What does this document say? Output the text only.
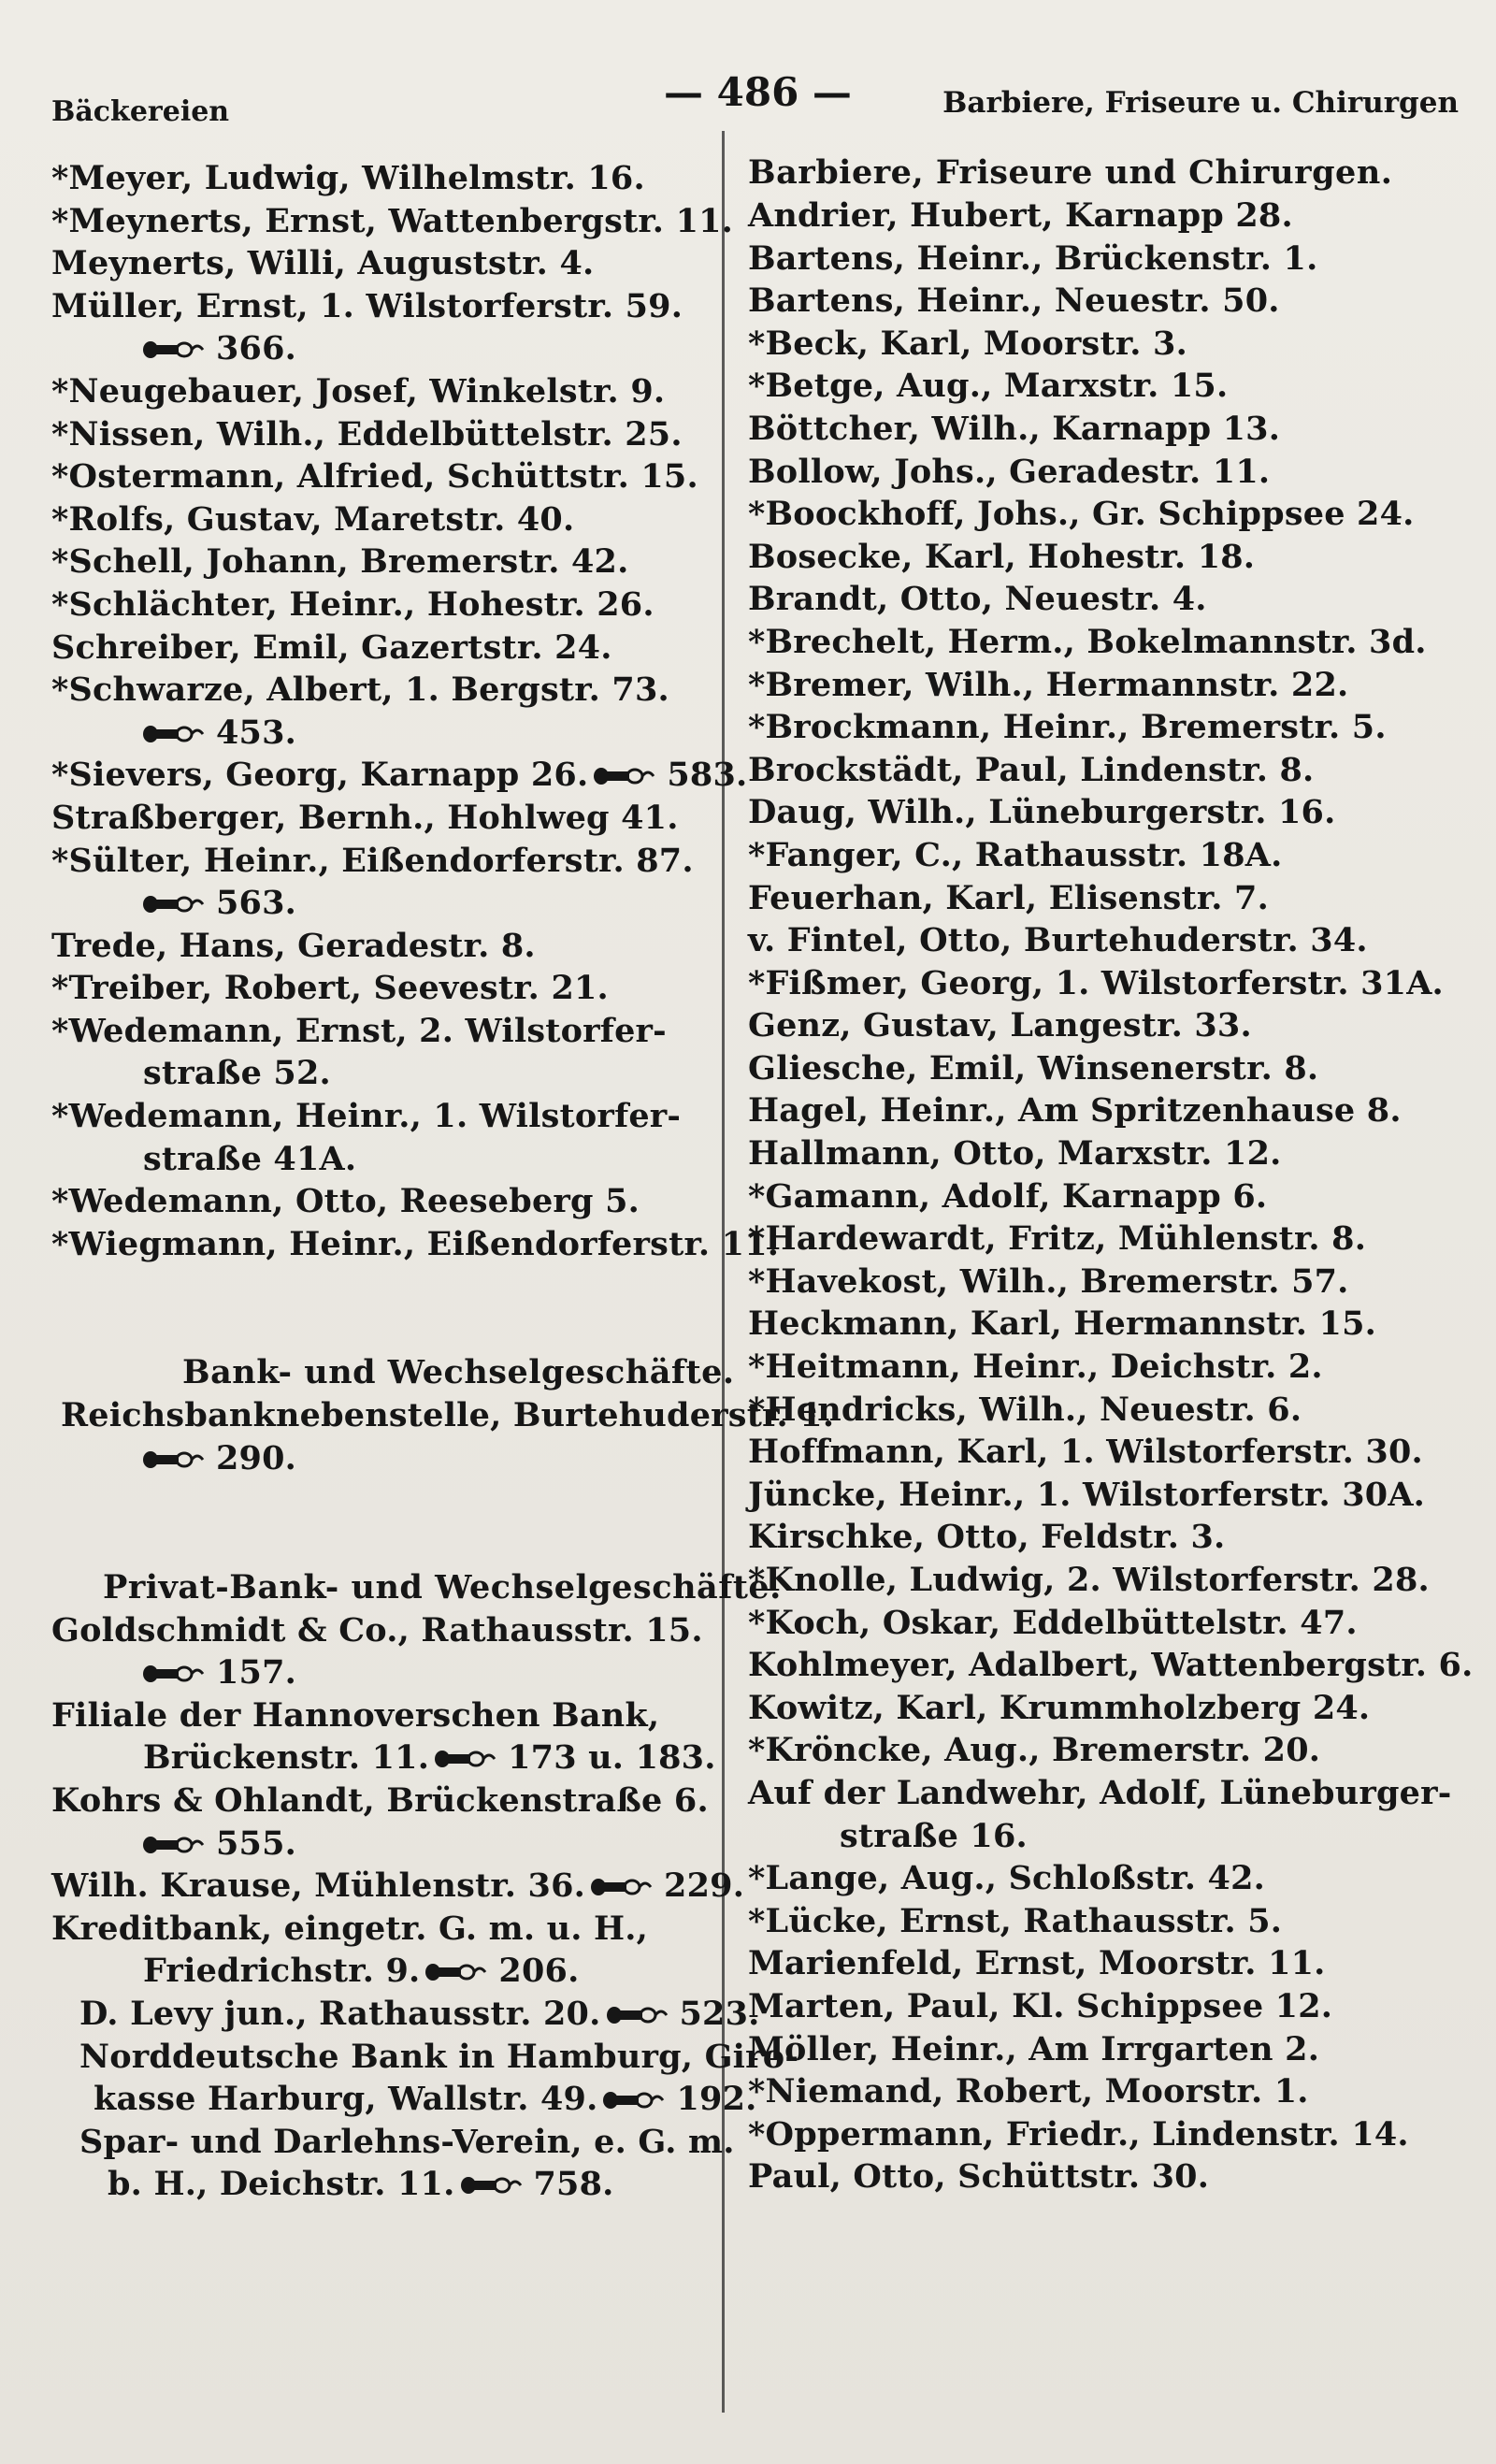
Bäckereien	— 486 —	Barbiere, Friseure u. Chirurgen
*Meyer, Ludwig, Wilhelmstr. 16.
*Meynerts, Ernst, Wattenbergstr. 11.
Meynerts, Willi, Auguststr. 4.
Müller, Ernst, 1. Wilstorferstr. 59.
366.
*Neugebauer, Josef, Winkelstr. 9.
*Nissen, Wilh., Eddelbüttelstr. 25.
*Ostermann, Alfried, Schüttstr. 15.
*Rolfs, Gustav, Maretstr. 40.
*Schell, Johann, Bremerstr. 42.
*Schlächter, Heinr., Hohestr. 26.
Schreiber, Emil, Gazertstr. 24.
*Schwarze, Albert, 1. Bergstr. 73.
453.
*Sievers, Georg, Karnapp 26. 583.
Straßberger, Bernh., Hohlweg 41.
*Sülter, Heinr., Eißendorferstr. 87.
563.
Trede, Hans, Geradestr. 8.
*Treiber, Robert, Seevestr. 21.
*Wedemann, Ernst, 2. Wilstorfer-
straße 52.
*Wedemann, Heinr., 1. Wilstorfer-
straße 41A.
*Wedemann, Otto, Reeseberg 5.
*Wiegmann, Heinr., Eißendorferstr. 11.
Bank- und Wechselgeschäfte.
Reichsbanknebenstelle, Burtehuderstr. 1.
290.
Privat-Bank- und Wechselgeschäfte.
Goldschmidt & Co., Rathausstr. 15.
157.
Filiale der Hannoverschen Bank,
Brückenstr. 11. 173 u. 183.
Kohrs & Ohlandt, Brückenstraße 6.
555.
Wilh. Krause, Mühlenstr. 36. 229.
Kreditbank, eingetr. G. m. u. H.,
Friedrichstr. 9. 206.
D. Levy jun., Rathausstr. 20. 523.
Norddeutsche Bank in Hamburg, Giro-
kasse Harburg, Wallstr. 49. 192.
Spar- und Darlehns-Verein, e. G. m.
b. H., Deichstr. 11. 758.
Barbiere, Friseure und Chirurgen.
Andrier, Hubert, Karnapp 28.
Bartens, Heinr., Brückenstr. 1.
Bartens, Heinr., Neuestr. 50.
*Beck, Karl, Moorstr. 3.
*Betge, Aug., Marxstr. 15.
Böttcher, Wilh., Karnapp 13.
Bollow, Johs., Geradestr. 11.
*Boockhoff, Johs., Gr. Schippsee 24.
Bosecke, Karl, Hohestr. 18.
Brandt, Otto, Neuestr. 4.
*Brechelt, Herm., Bokelmannstr. 3d.
*Bremer, Wilh., Hermannstr. 22.
*Brockmann, Heinr., Bremerstr. 5.
Brockstädt, Paul, Lindenstr. 8.
Daug, Wilh., Lüneburgerstr. 16.
*Fanger, C., Rathausstr. 18A.
Feuerhan, Karl, Elisenstr. 7.
v. Fintel, Otto, Burtehuderstr. 34.
*Fißmer, Georg, 1. Wilstorferstr. 31A.
Genz, Gustav, Langestr. 33.
Gliesche, Emil, Winsenerstr. 8.
Hagel, Heinr., Am Spritzenhause 8.
Hallmann, Otto, Marxstr. 12.
*Gamann, Adolf, Karnapp 6.
*Hardewardt, Fritz, Mühlenstr. 8.
*Havekost, Wilh., Bremerstr. 57.
Heckmann, Karl, Hermannstr. 15.
*Heitmann, Heinr., Deichstr. 2.
*Hendricks, Wilh., Neuestr. 6.
Hoffmann, Karl, 1. Wilstorferstr. 30.
Jüncke, Heinr., 1. Wilstorferstr. 30A.
Kirschke, Otto, Feldstr. 3.
*Knolle, Ludwig, 2. Wilstorferstr. 28.
*Koch, Oskar, Eddelbüttelstr. 47.
Kohlmeyer, Adalbert, Wattenbergstr. 6.
Kowitz, Karl, Krummholzberg 24.
*Kröncke, Aug., Bremerstr. 20.
Auf der Landwehr, Adolf, Lüneburger-
straße 16.
*Lange, Aug., Schloßstr. 42.
*Lücke, Ernst, Rathausstr. 5.
Marienfeld, Ernst, Moorstr. 11.
Marten, Paul, Kl. Schippsee 12.
Möller, Heinr., Am Irrgarten 2.
*Niemand, Robert, Moorstr. 1.
*Oppermann, Friedr., Lindenstr. 14.
Paul, Otto, Schüttstr. 30.
